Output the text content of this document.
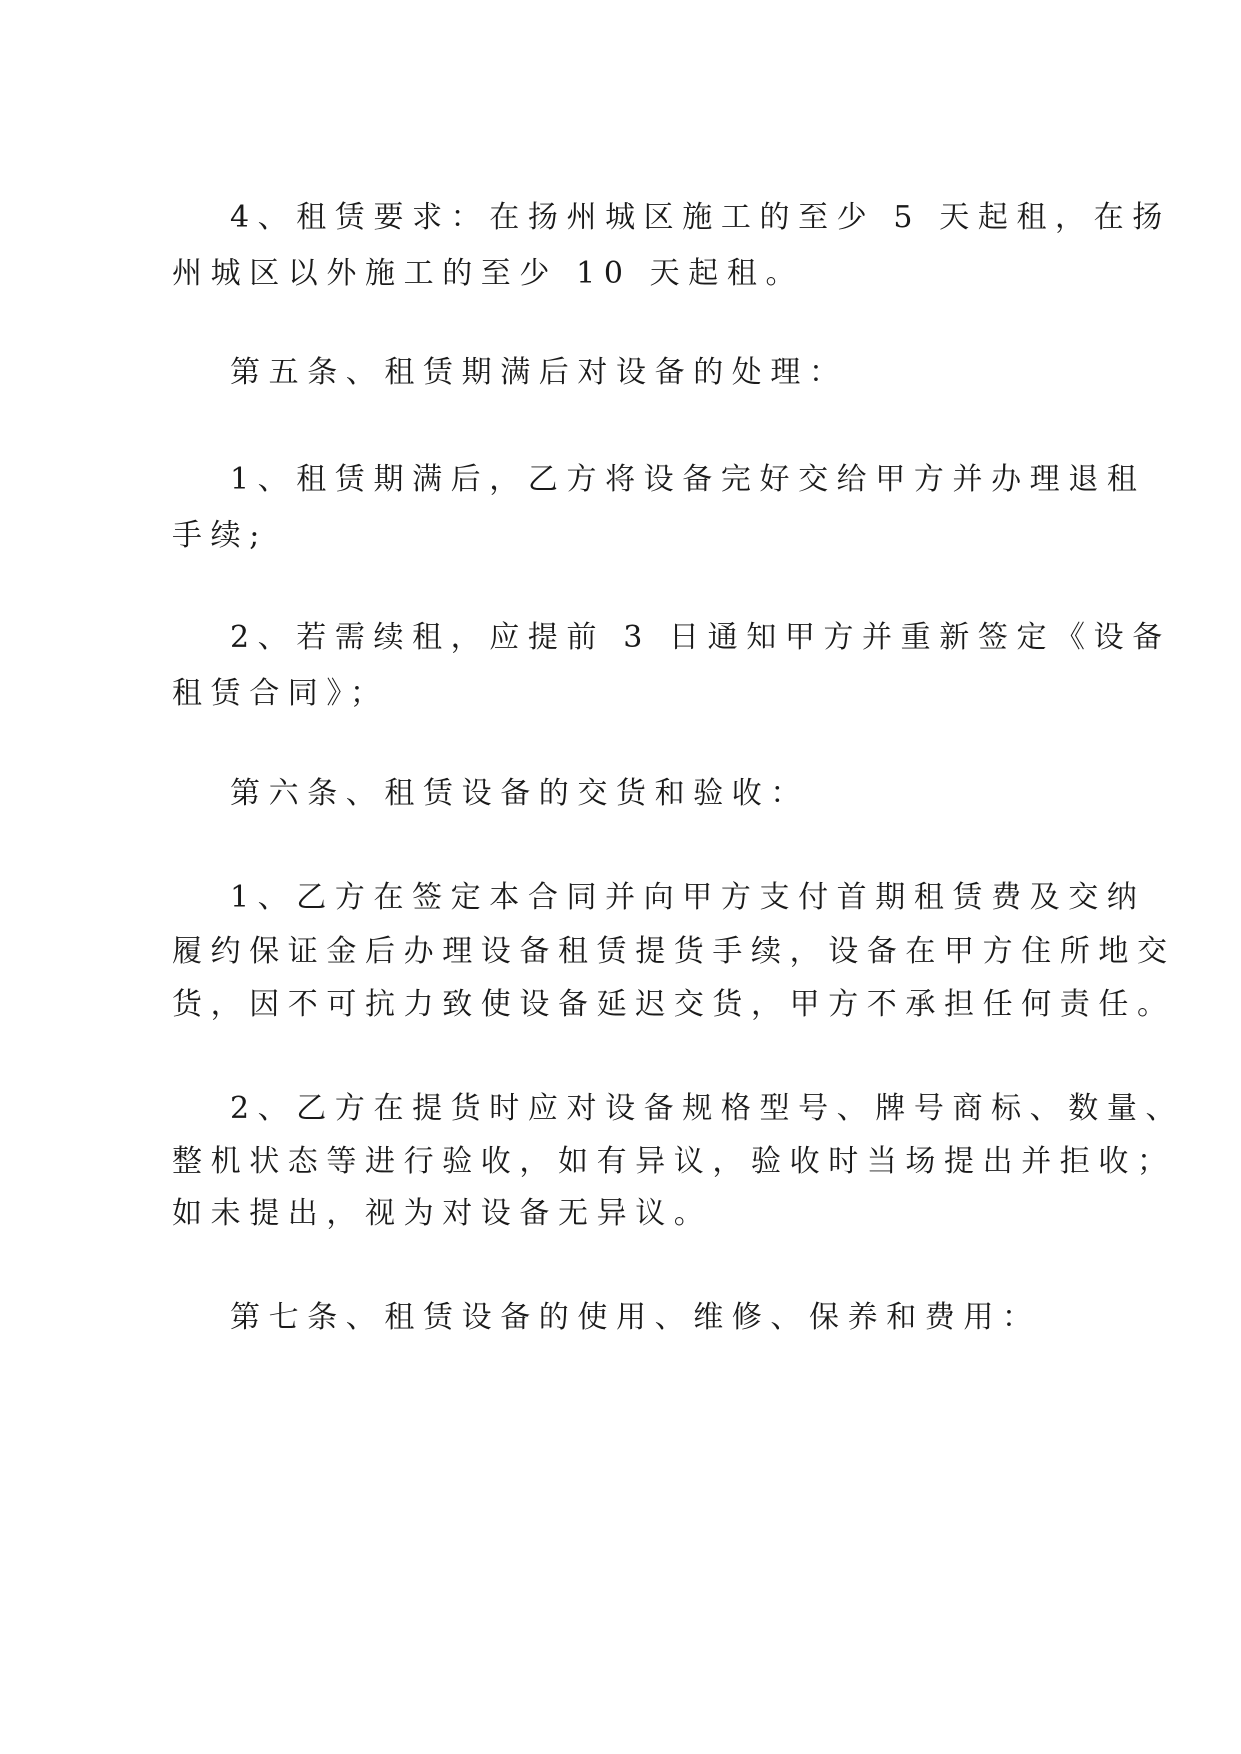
4、租赁要求：在扬州城区施工的至少 5 天起租，在扬

州城区以外施工的至少 10 天起租。

第五条、租赁期满后对设备的处理：

1、租赁期满后，乙方将设备完好交给甲方并办理退租

手续;

2、若需续租，应提前 3 日通知甲方并重新签定《设备

租赁合同》；

第六条、租赁设备的交货和验收：

1、乙方在签定本合同并向甲方支付首期租赁费及交纳

履约保证金后办理设备租赁提货手续，设备在甲方住所地交

货，因不可抗力致使设备延迟交货，甲方不承担任何责任。

2、乙方在提货时应对设备规格型号、牌号商标、数量、

整机状态等进行验收，如有异议，验收时当场提出并拒收；

如未提出，视为对设备无异议。

第七条、租赁设备的使用、维修、保养和费用：
